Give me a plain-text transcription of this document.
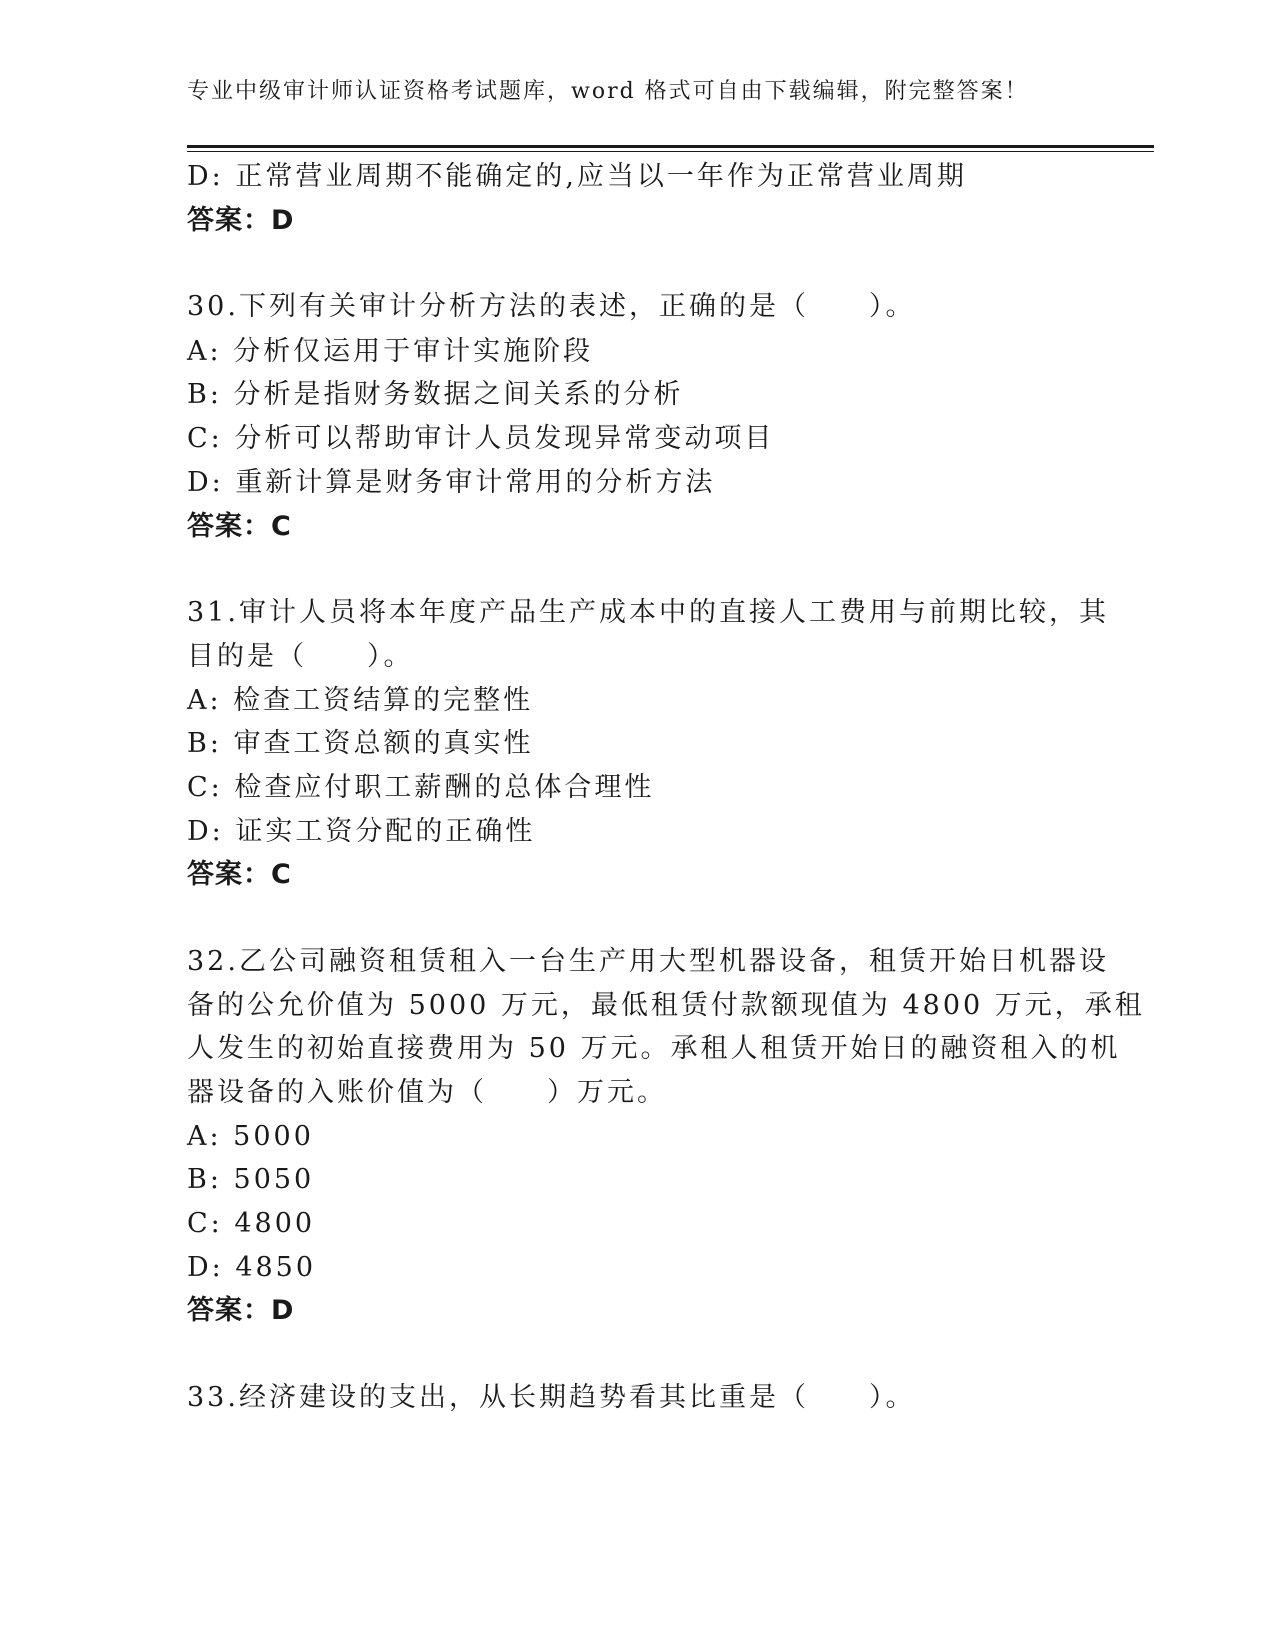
专业中级审计师认证资格考试题库，word 格式可自由下载编辑，附完整答案！
D: 正常营业周期不能确定的,应当以一年作为正常营业周期
答案：D
30.下列有关审计分析方法的表述，正确的是（　　）。
A: 分析仅运用于审计实施阶段
B: 分析是指财务数据之间关系的分析
C: 分析可以帮助审计人员发现异常变动项目
D: 重新计算是财务审计常用的分析方法
答案：C
31.审计人员将本年度产品生产成本中的直接人工费用与前期比较，其
目的是（　　）。
A: 检查工资结算的完整性
B: 审查工资总额的真实性
C: 检查应付职工薪酬的总体合理性
D: 证实工资分配的正确性
答案：C
32.乙公司融资租赁租入一台生产用大型机器设备，租赁开始日机器设
备的公允价值为 5000 万元，最低租赁付款额现值为 4800 万元，承租
人发生的初始直接费用为 50 万元。承租人租赁开始日的融资租入的机
器设备的入账价值为（　　）万元。
A: 5000
B: 5050
C: 4800
D: 4850
答案：D
33.经济建设的支出，从长期趋势看其比重是（　　）。
